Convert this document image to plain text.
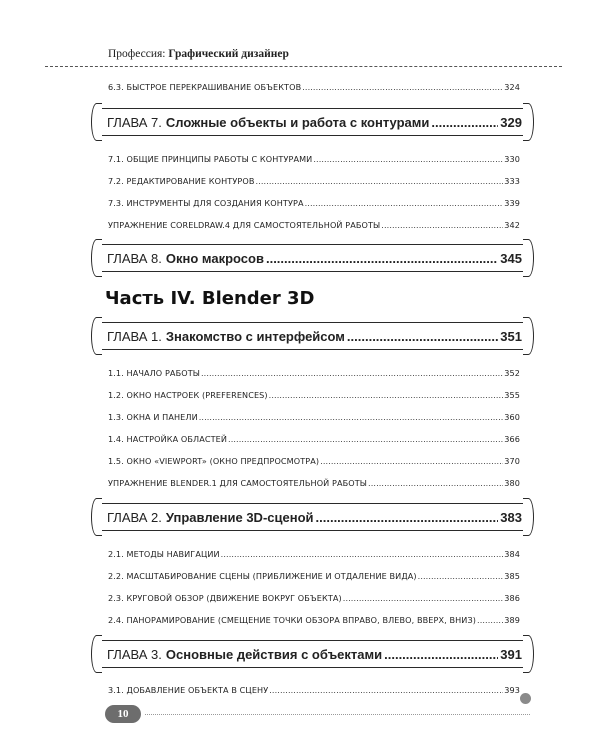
Профессия: Графический дизайнер
6.3. БЫСТРОЕ ПЕРЕКРАШИВАНИЕ ОБЪЕКТОВ .....	324
ГЛАВА 7. Сложные объекты и работа с контурами .....	329
7.1. ОБЩИЕ ПРИНЦИПЫ РАБОТЫ С КОНТУРАМИ .....	330
7.2. РЕДАКТИРОВАНИЕ КОНТУРОВ .....	333
7.3. ИНСТРУМЕНТЫ ДЛЯ СОЗДАНИЯ КОНТУРА .....	339
УПРАЖНЕНИЕ CORELDRAW.4 ДЛЯ САМОСТОЯТЕЛЬНОЙ РАБОТЫ .....	342
ГЛАВА 8. Окно макросов .....	345
Часть IV. Blender 3D
ГЛАВА 1. Знакомство с интерфейсом .....	351
1.1. НАЧАЛО РАБОТЫ .....	352
1.2. ОКНО НАСТРОЕК (PREFERENCES) .....	355
1.3. ОКНА И ПАНЕЛИ .....	360
1.4. НАСТРОЙКА ОБЛАСТЕЙ .....	366
1.5. ОКНО «VIEWPORT» (ОКНО ПРЕДПРОСМОТРА) .....	370
УПРАЖНЕНИЕ BLENDER.1 ДЛЯ САМОСТОЯТЕЛЬНОЙ РАБОТЫ .....	380
ГЛАВА 2. Управление 3D-сценой .....	383
2.1. МЕТОДЫ НАВИГАЦИИ .....	384
2.2. МАСШТАБИРОВАНИЕ СЦЕНЫ (ПРИБЛИЖЕНИЕ И ОТДАЛЕНИЕ ВИДА) .....	385
2.3. КРУГОВОЙ ОБЗОР (ДВИЖЕНИЕ ВОКРУГ ОБЪЕКТА) .....	386
2.4. ПАНОРАМИРОВАНИЕ (СМЕЩЕНИЕ ТОЧКИ ОБЗОРА ВПРАВО, ВЛЕВО, ВВЕРХ, ВНИЗ) .....	389
ГЛАВА 3. Основные действия с объектами .....	391
3.1. ДОБАВЛЕНИЕ ОБЪЕКТА В СЦЕНУ .....	393
10
